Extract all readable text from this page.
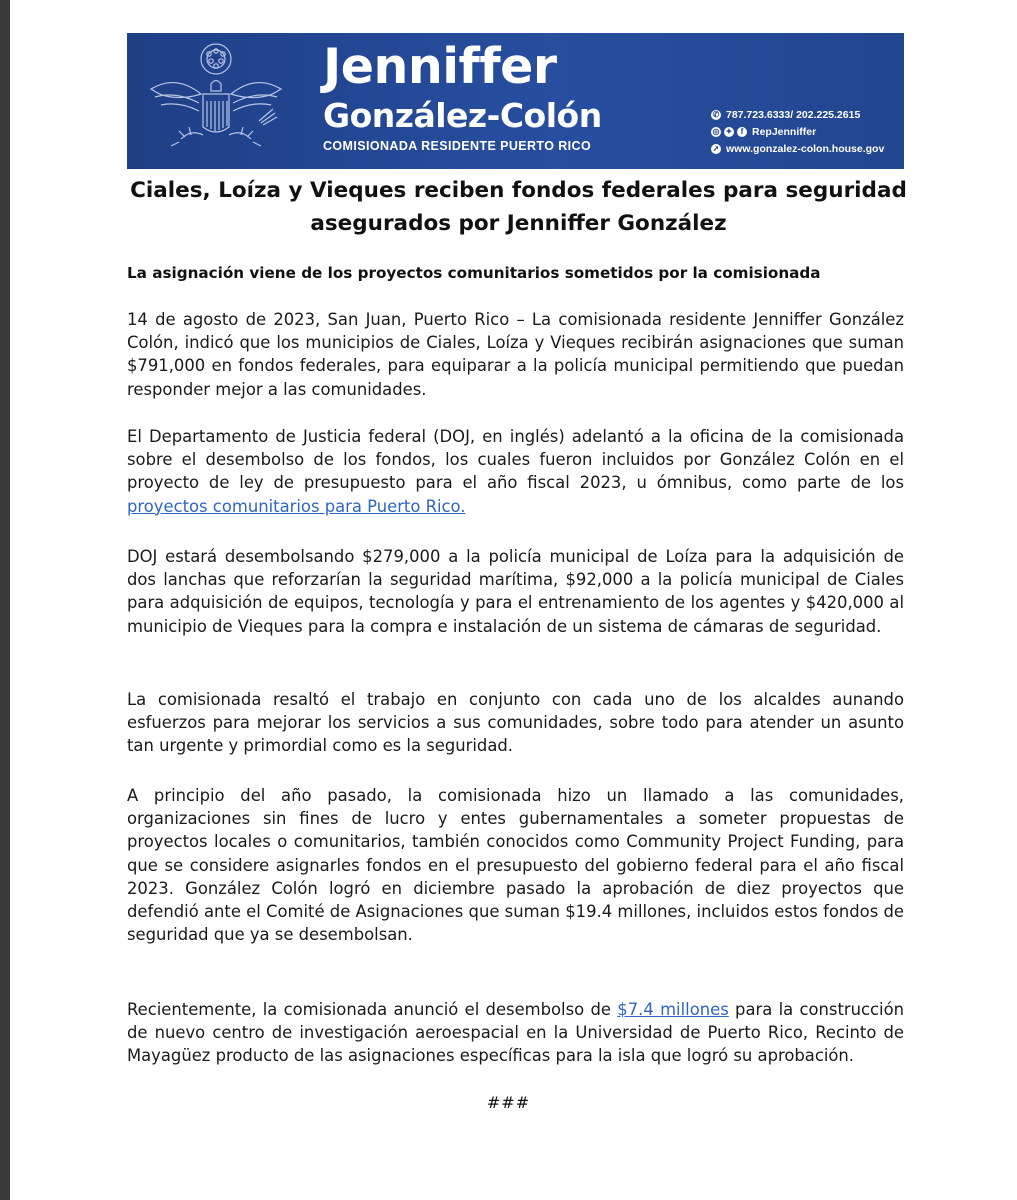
Jenniffer
González-Colón
COMISIONADA RESIDENTE PUERTO RICO
✆ 787.723.6333/ 202.225.2615
◎ ✦	f RepJenniffer
➚ www.gonzalez-colon.house.gov
Ciales, Loíza y Vieques reciben fondos federales para seguridad asegurados por Jenniffer González
La asignación viene de los proyectos comunitarios sometidos por la comisionada

14 de agosto de 2023, San Juan, Puerto Rico – La comisionada residente Jenniffer González Colón, indicó que los municipios de Ciales, Loíza y Vieques recibirán asignaciones que suman $791,000 en fondos federales, para equiparar a la policía municipal permitiendo que puedan responder mejor a las comunidades.

El Departamento de Justicia federal (DOJ, en inglés) adelantó a la oficina de la comisionada sobre el desembolso de los fondos, los cuales fueron incluidos por González Colón en el proyecto de ley de presupuesto para el año fiscal 2023, u ómnibus, como parte de los proyectos comunitarios para Puerto Rico.

DOJ estará desembolsando $279,000 a la policía municipal de Loíza para la adquisición de dos lanchas que reforzarían la seguridad marítima, $92,000 a la policía municipal de Ciales para adquisición de equipos, tecnología y para el entrenamiento de los agentes y $420,000 al municipio de Vieques para la compra e instalación de un sistema de cámaras de seguridad.

La comisionada resaltó el trabajo en conjunto con cada uno de los alcaldes aunando esfuerzos para mejorar los servicios a sus comunidades, sobre todo para atender un asunto tan urgente y primordial como es la seguridad.

A principio del año pasado, la comisionada hizo un llamado a las comunidades, organizaciones sin fines de lucro y entes gubernamentales a someter propuestas de proyectos locales o comunitarios, también conocidos como Community Project Funding, para que se considere asignarles fondos en el presupuesto del gobierno federal para el año fiscal 2023. González Colón logró en diciembre pasado la aprobación de diez proyectos que defendió ante el Comité de Asignaciones que suman $19.4 millones, incluidos estos fondos de seguridad que ya se desembolsan.

Recientemente, la comisionada anunció el desembolso de $7.4 millones para la construcción de nuevo centro de investigación aeroespacial en la Universidad de Puerto Rico, Recinto de Mayagüez producto de las asignaciones específicas para la isla que logró su aprobación.

###
